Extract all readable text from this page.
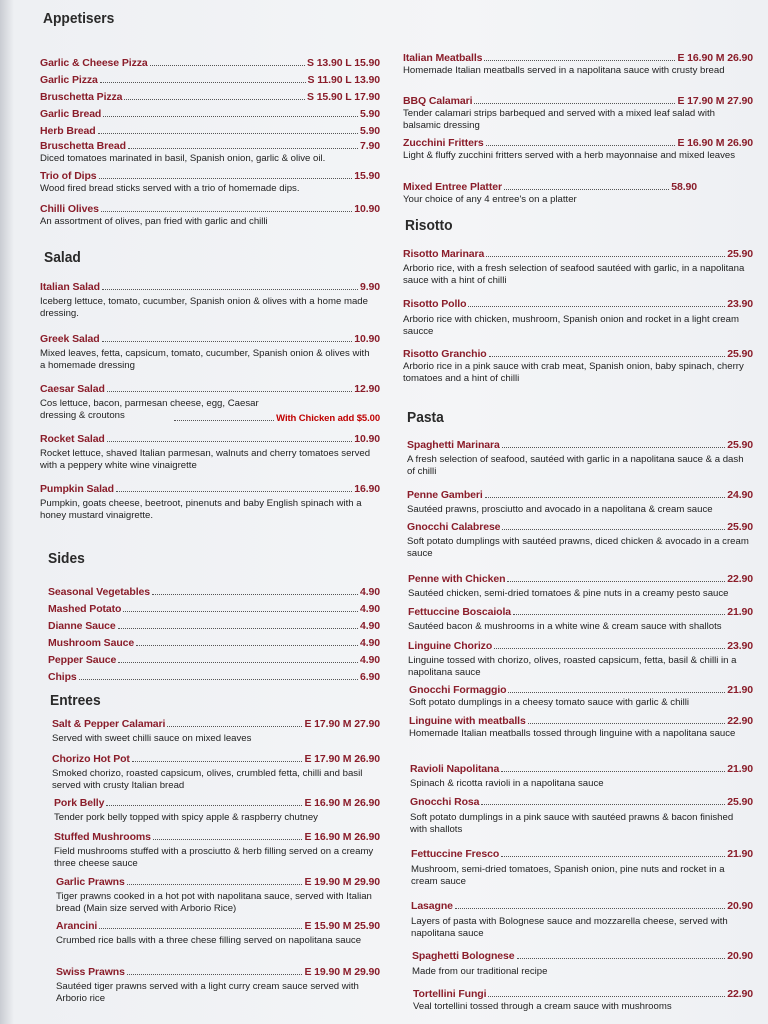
Appetisers
Garlic & Cheese Pizza	S 13.90 L 15.90
Garlic Pizza	S 11.90 L 13.90
Bruschetta Pizza	S 15.90 L 17.90
Garlic Bread	5.90
Herb Bread	5.90
Bruschetta Bread	7.90
Diced tomatoes marinated in basil, Spanish onion, garlic & olive oil.
Trio of Dips	15.90
Wood fired bread sticks served with a trio of homemade dips.
Chilli Olives	10.90
An assortment of olives, pan fried with garlic and chilli
Salad
Italian Salad	9.90
Iceberg lettuce, tomato, cucumber, Spanish onion & olives with a home made dressing.
Greek Salad	10.90
Mixed leaves, fetta, capsicum, tomato, cucumber, Spanish onion & olives with a homemade dressing
Caesar Salad	12.90
Cos lettuce, bacon, parmesan cheese, egg, Caesar dressing & croutons	With Chicken add $5.00
Rocket Salad	10.90
Rocket lettuce, shaved Italian parmesan, walnuts and cherry tomatoes served with a peppery white wine vinaigrette
Pumpkin Salad	16.90
Pumpkin, goats cheese, beetroot, pinenuts and baby English spinach with a honey mustard vinaigrette.
Sides
Seasonal Vegetables	4.90
Mashed Potato	4.90
Dianne Sauce	4.90
Mushroom Sauce	4.90
Pepper Sauce	4.90
Chips	6.90
Entrees
Salt & Pepper Calamari	E 17.90 M 27.90
Served with sweet chilli sauce on mixed leaves
Chorizo Hot Pot	E 17.90 M 26.90
Smoked chorizo, roasted capsicum, olives, crumbled fetta, chilli and basil served with crusty Italian bread
Pork Belly	E 16.90 M 26.90
Tender pork belly topped with spicy apple & raspberry chutney
Stuffed Mushrooms	E 16.90 M 26.90
Field mushrooms stuffed with a prosciutto & herb filling served on a creamy three cheese sauce
Garlic Prawns	E 19.90 M 29.90
Tiger prawns cooked in a hot pot with napolitana sauce, served with Italian bread (Main size served with Arborio Rice)
Arancini	E 15.90 M 25.90
Crumbed rice balls with a three chese filling served on napolitana sauce
Swiss Prawns	E 19.90 M 29.90
Sautéed tiger prawns served with a light curry cream sauce served with Arborio rice
Italian Meatballs	E 16.90 M 26.90
Homemade Italian meatballs served in a napolitana sauce with crusty bread
BBQ Calamari	E 17.90 M 27.90
Tender calamari strips barbequed and served with a mixed leaf salad with balsamic dressing
Zucchini Fritters	E 16.90 M 26.90
Light & fluffy zucchini fritters served with a herb mayonnaise and mixed leaves
Mixed Entree Platter	58.90
Your choice of any 4 entree's on a platter
Risotto
Risotto Marinara	25.90
Arborio rice, with a fresh selection of seafood sautéed with garlic, in a napolitana sauce with a hint of chilli
Risotto Pollo	23.90
Arborio rice with chicken, mushroom, Spanish onion and rocket in a light cream saucce
Risotto Granchio	25.90
Arborio rice in a pink sauce with crab meat, Spanish onion, baby spinach, cherry tomatoes and a hint of chilli
Pasta
Spaghetti Marinara	25.90
A fresh selection of seafood, sautéed with garlic in a napolitana sauce & a dash of chilli
Penne Gamberi	24.90
Sautéed prawns, prosciutto and avocado in a napolitana & cream sauce
Gnocchi Calabrese	25.90
Soft potato dumplings with sautéed prawns, diced chicken & avocado in a cream sauce
Penne with Chicken	22.90
Sautéed chicken, semi-dried tomatoes & pine nuts in a creamy pesto sauce
Fettuccine Boscaiola	21.90
Sautéed bacon & mushrooms in a white wine & cream sauce with shallots
Linguine Chorizo	23.90
Linguine tossed with chorizo, olives, roasted capsicum, fetta, basil & chilli in a napolitana sauce
Gnocchi Formaggio	21.90
Soft potato dumplings in a cheesy tomato sauce with garlic & chilli
Linguine with meatballs	22.90
Homemade Italian meatballs tossed through linguine with a napolitana sauce
Ravioli Napolitana	21.90
Spinach & ricotta ravioli in a napolitana sauce
Gnocchi Rosa	25.90
Soft potato dumplings in a pink sauce with sautéed prawns & bacon finished with shallots
Fettuccine Fresco	21.90
Mushroom, semi-dried tomatoes, Spanish onion, pine nuts and rocket in a cream sauce
Lasagne	20.90
Layers of pasta with Bolognese sauce and mozzarella cheese, served with napolitana sauce
Spaghetti Bolognese	20.90
Made from our traditional recipe
Tortellini Fungi	22.90
Veal tortellini tossed through a cream sauce with mushrooms
